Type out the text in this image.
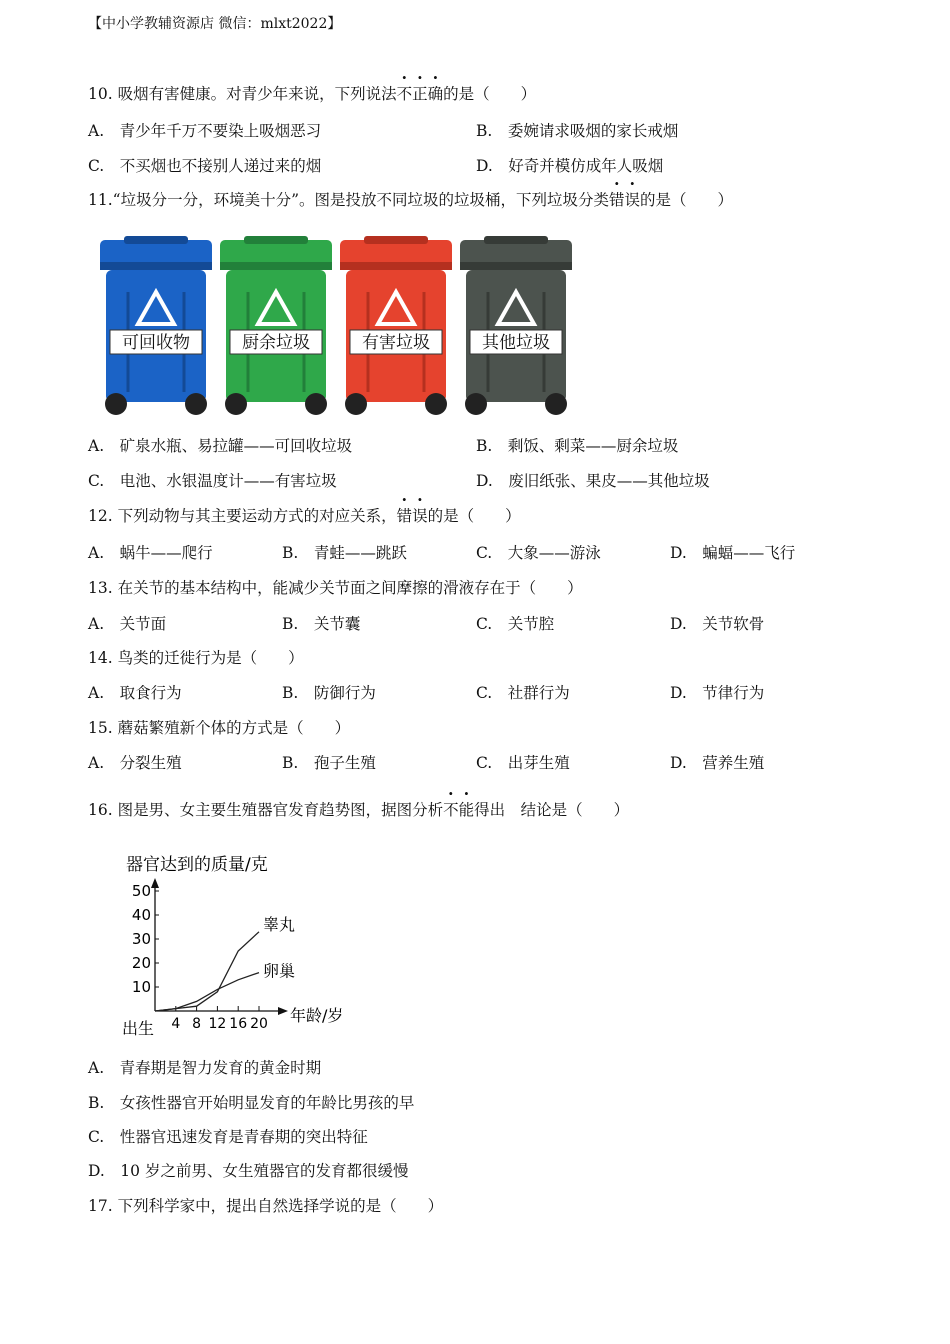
【中小学教辅资源店 微信：mlxt2022】
10. 吸烟有害健康。对青少年来说，下列说法不正确的是（　　）
A.　青少年千万不要染上吸烟恶习	B.　委婉请求吸烟的家长戒烟
C.　不买烟也不接别人递过来的烟	D.　好奇并模仿成年人吸烟
11.“垃圾分一分，环境美十分”。图是投放不同垃圾的垃圾桶，下列垃圾分类错误的是（　　）
可回收物	厨余垃圾	有害垃圾	其他垃圾
A.　矿泉水瓶、易拉罐——可回收垃圾	B.　剩饭、剩菜——厨余垃圾
C.　电池、水银温度计——有害垃圾	D.　废旧纸张、果皮——其他垃圾
12. 下列动物与其主要运动方式的对应关系，错误的是（　　）
A.　蜗牛——爬行	B.　青蛙——跳跃	C.　大象——游泳	D.　蝙蝠——飞行
13. 在关节的基本结构中，能减少关节面之间摩擦的滑液存在于（　　）
A.　关节面	B.　关节囊	C.　关节腔	D.　关节软骨
14. 鸟类的迁徙行为是（　　）
A.　取食行为	B.　防御行为	C.　社群行为	D.　节律行为
15. 蘑菇繁殖新个体的方式是（　　）
A.　分裂生殖	B.　孢子生殖	C.　出芽生殖	D.　营养生殖
16. 图是男、女主要生殖器官发育趋势图，据图分析不能得出　结论是（　　）
器官达到的质量/克
10
20
30
40
50
4 8 12 16 20
睾丸
卵巢
年龄/岁
出生
A.　青春期是智力发育的黄金时期
B.　女孩性器官开始明显发育的年龄比男孩的早
C.　性器官迅速发育是青春期的突出特征
D.　10 岁之前男、女生殖器官的发育都很缓慢
17. 下列科学家中，提出自然选择学说的是（　　）
